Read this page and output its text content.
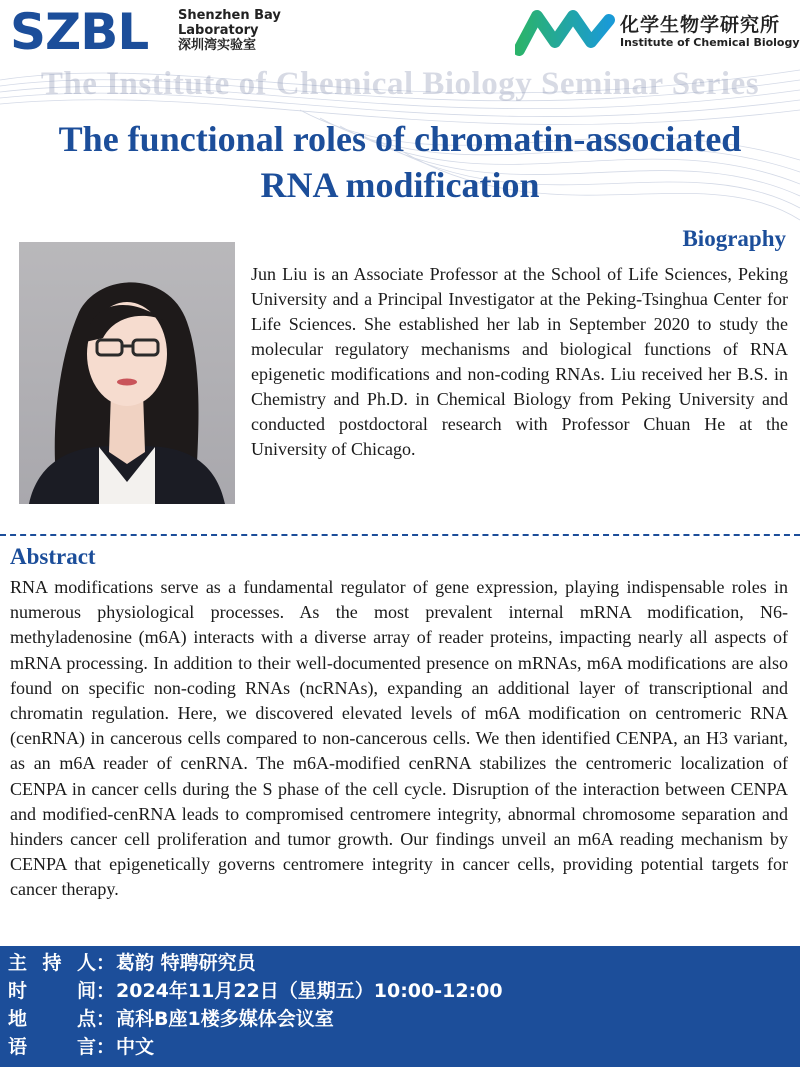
SZBL Shenzhen Bay
Laboratory
深圳湾实验室
化学生物学研究所
Institute of Chemical Biology
The Institute of Chemical Biology Seminar Series
The functional roles of chromatin-associated
RNA modification
Biography
Jun Liu is an Associate Professor at the School of Life Sciences, Peking University and a Principal Investigator at the Peking-Tsinghua Center for Life Sciences. She established her lab in September 2020 to study the molecular regulatory mechanisms and biological functions of RNA epigenetic modifications and non-coding RNAs. Liu received her B.S. in Chemistry and Ph.D. in Chemical Biology from Peking University and conducted postdoctoral research with Professor Chuan He at the University of Chicago.
Abstract
RNA modifications serve as a fundamental regulator of gene expression, playing indispensable roles in numerous physiological processes. As the most prevalent internal mRNA modification, N6-methyladenosine (m6A) interacts with a diverse array of reader proteins, impacting nearly all aspects of mRNA processing. In addition to their well-documented presence on mRNAs, m6A modifications are also found on specific non-coding RNAs (ncRNAs), expanding an additional layer of transcriptional and chromatin regulation. Here, we discovered elevated levels of m6A modification on centromeric RNA (cenRNA) in cancerous cells compared to non-cancerous cells. We then identified CENPA, an H3 variant, as an m6A reader of cenRNA. The m6A-modified cenRNA stabilizes the centromeric localization of CENPA in cancer cells during the S phase of the cell cycle. Disruption of the interaction between CENPA and modified-cenRNA leads to compromised centromere integrity, abnormal chromosome separation and hinders cancer cell proliferation and tumor growth. Our findings unveil an m6A reading mechanism by CENPA that epigenetically governs centromere integrity in cancer cells, providing potential targets for cancer therapy.
主持人：葛韵 特聘研究员
时间：2024年11月22日（星期五）10:00-12:00
地点：高科B座1楼多媒体会议室
语言：中文
